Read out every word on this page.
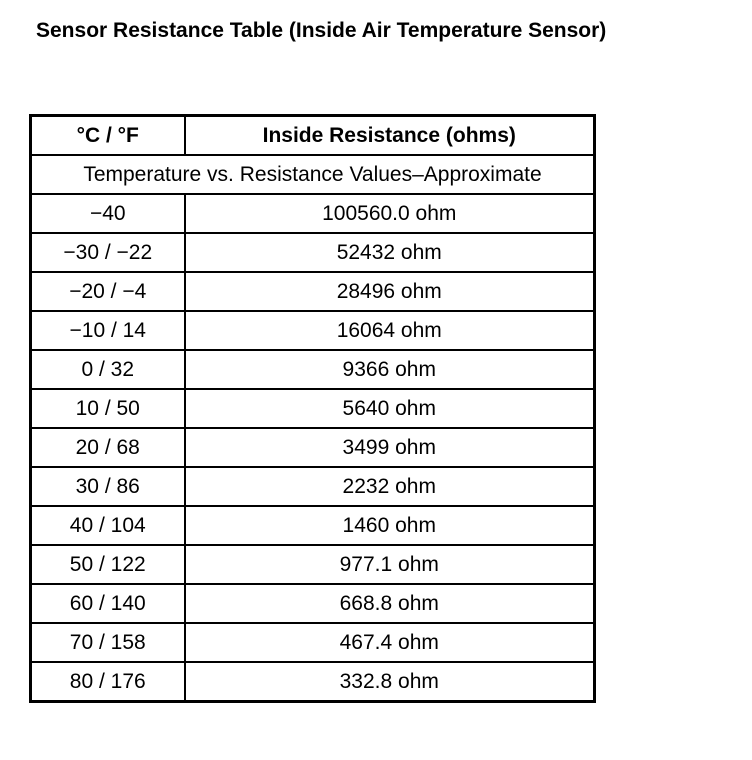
Sensor Resistance Table (Inside Air Temperature Sensor)
°C / °F	Inside Resistance (ohms)
Temperature vs. Resistance Values–Approximate	
−40	100560.0 ohm
−30 / −22	52432 ohm
−20 / −4	28496 ohm
−10 / 14	16064 ohm
0 / 32	9366 ohm
10 / 50	5640 ohm
20 / 68	3499 ohm
30 / 86	2232 ohm
40 / 104	1460 ohm
50 / 122	977.1 ohm
60 / 140	668.8 ohm
70 / 158	467.4 ohm
80 / 176	332.8 ohm
